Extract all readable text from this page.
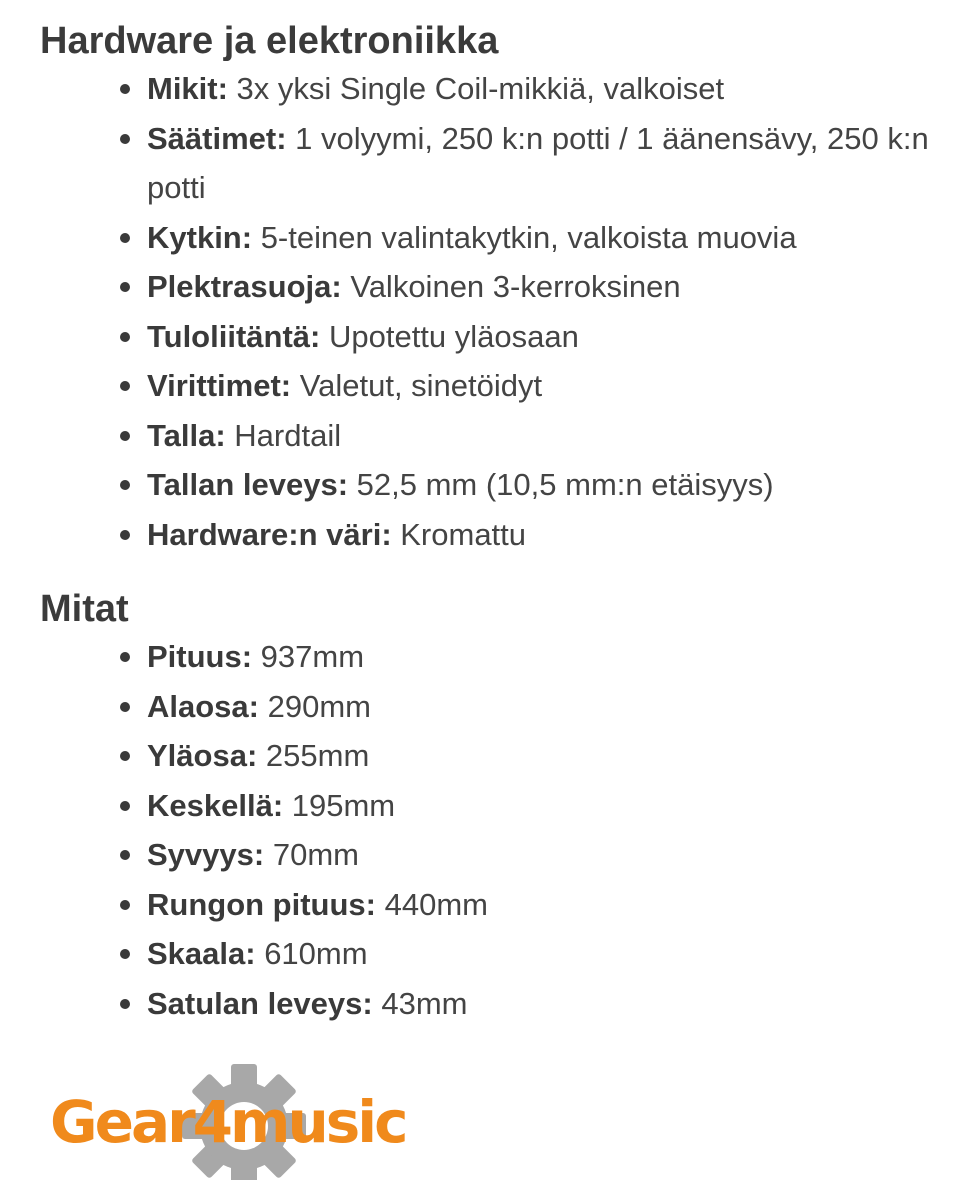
Hardware ja elektroniikka
Mikit: 3x yksi Single Coil-mikkiä, valkoiset
Säätimet: 1 volyymi, 250 k:n potti / 1 äänensävy, 250 k:n potti
Kytkin: 5-teinen valintakytkin, valkoista muovia
Plektrasuoja: Valkoinen 3-kerroksinen
Tuloliitäntä: Upotettu yläosaan
Virittimet: Valetut, sinetöidyt
Talla: Hardtail
Tallan leveys: 52,5 mm (10,5 mm:n etäisyys)
Hardware:n väri: Kromattu
Mitat
Pituus: 937mm
Alaosa: 290mm
Yläosa: 255mm
Keskellä: 195mm
Syvyys: 70mm
Rungon pituus: 440mm
Skaala: 610mm
Satulan leveys: 43mm
Gear4music
